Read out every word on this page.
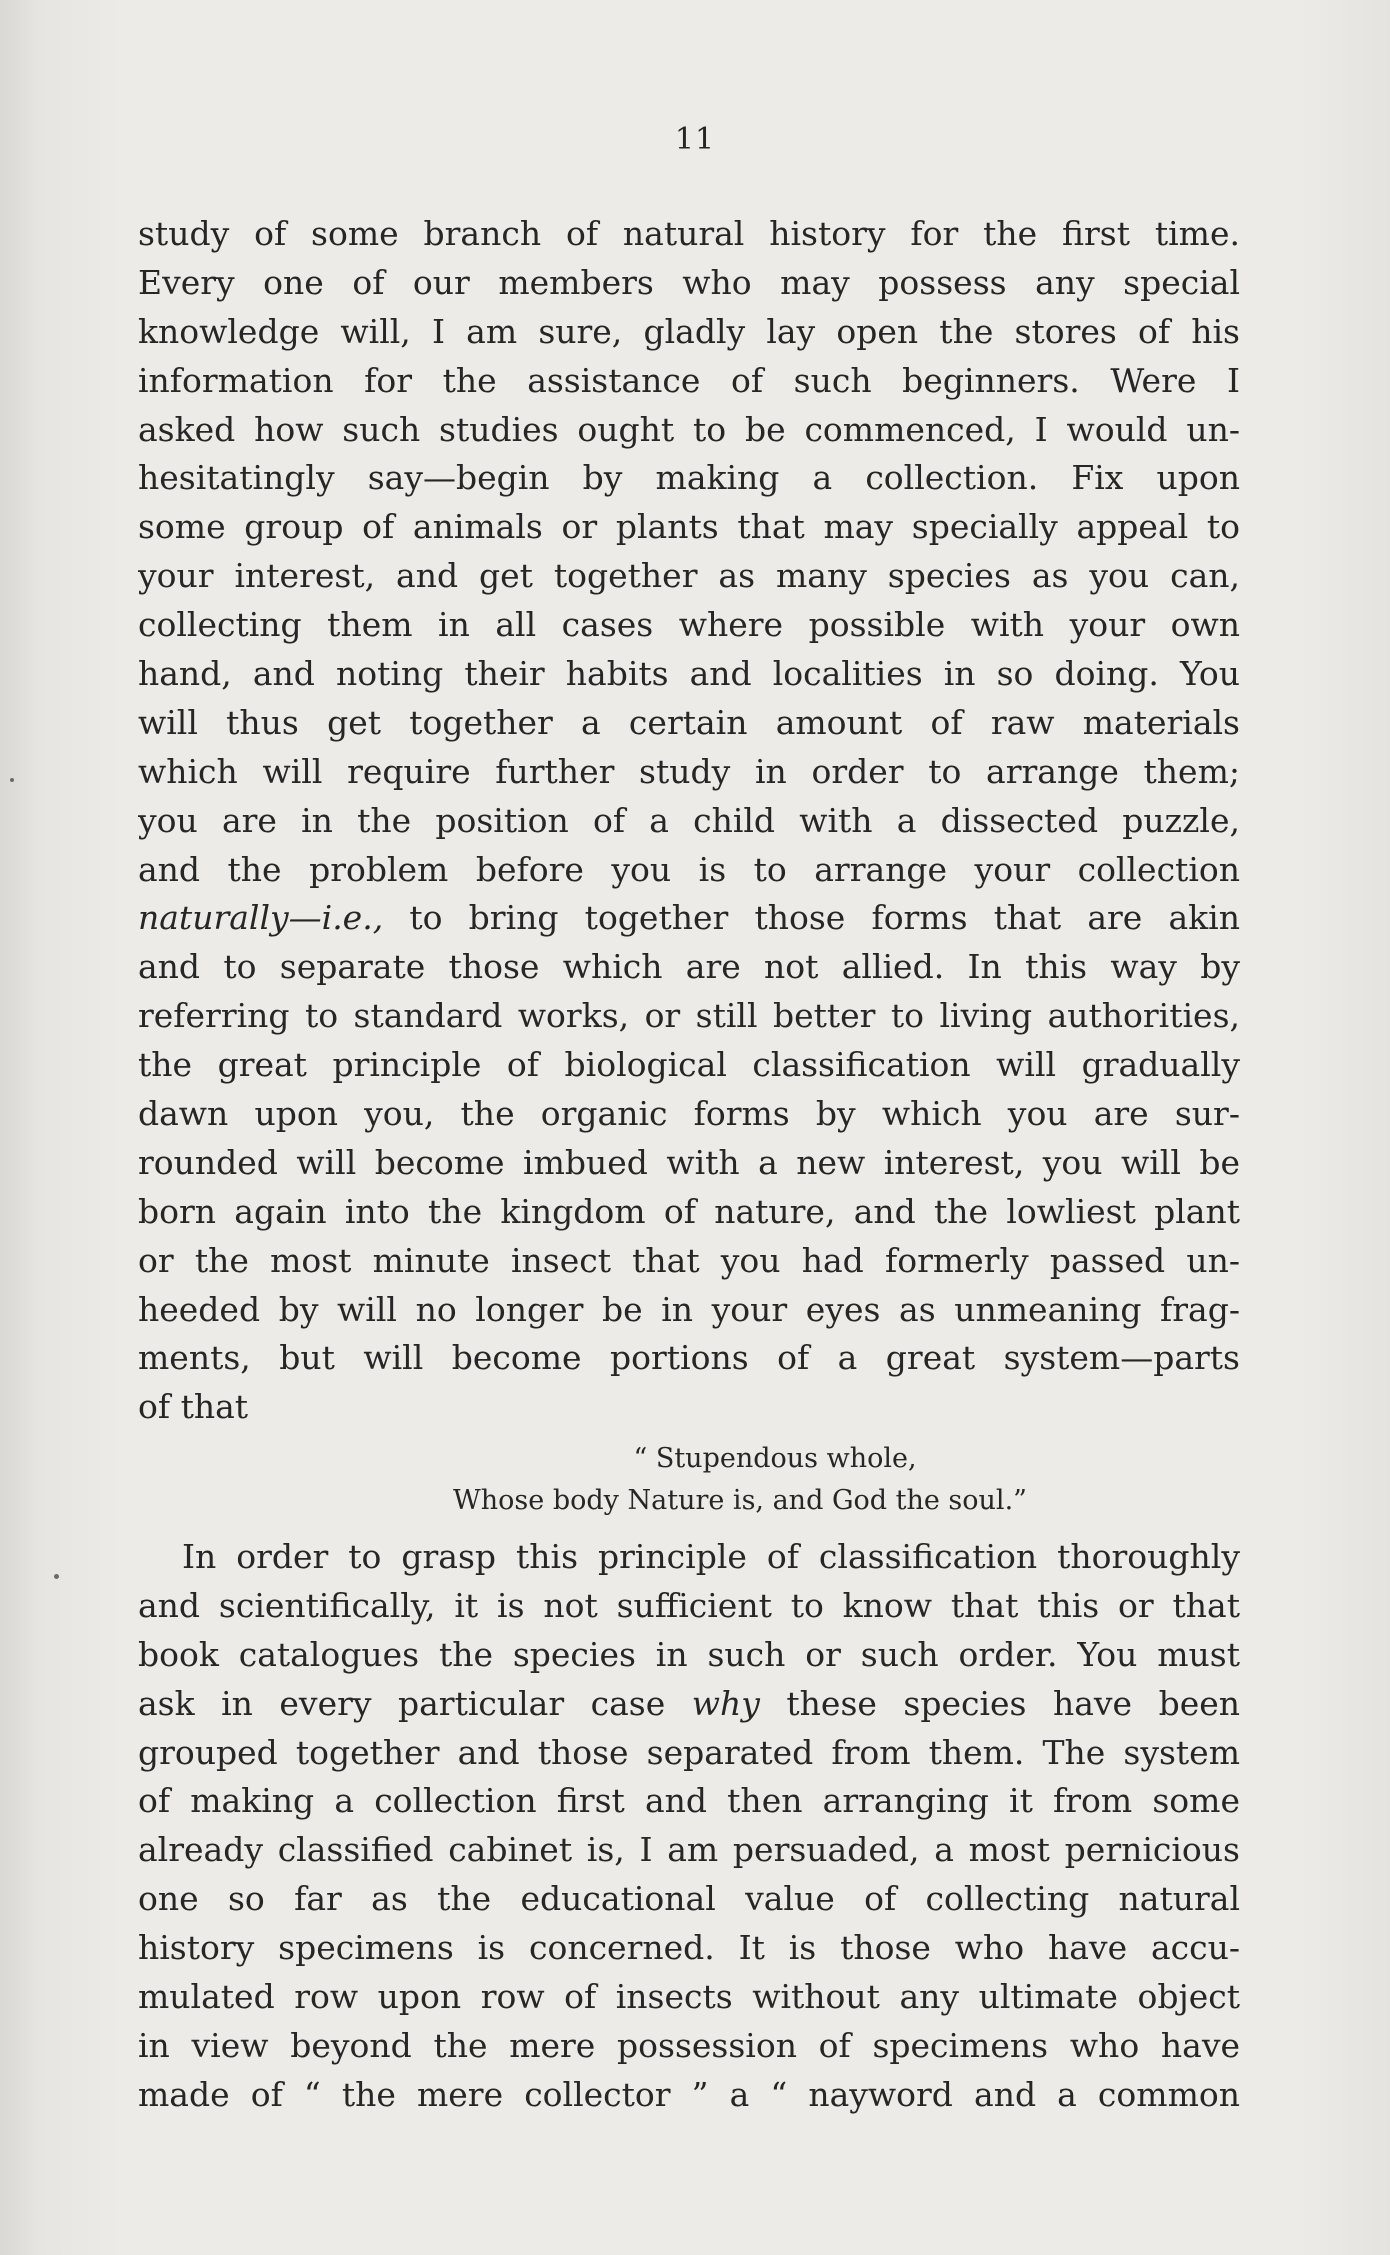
11
study of some branch of natural history for the first time.
Every one of our members who may possess any special
knowledge will, I am sure, gladly lay open the stores of his
information for the assistance of such beginners. Were I
asked how such studies ought to be commenced, I would un-
hesitatingly say—begin by making a collection. Fix upon
some group of animals or plants that may specially appeal to
your interest, and get together as many species as you can,
collecting them in all cases where possible with your own
hand, and noting their habits and localities in so doing. You
will thus get together a certain amount of raw materials
which will require further study in order to arrange them;
you are in the position of a child with a dissected puzzle,
and the problem before you is to arrange your collection
naturally—i.e., to bring together those forms that are akin
and to separate those which are not allied. In this way by
referring to standard works, or still better to living authorities,
the great principle of biological classification will gradually
dawn upon you, the organic forms by which you are sur-
rounded will become imbued with a new interest, you will be
born again into the kingdom of nature, and the lowliest plant
or the most minute insect that you had formerly passed un-
heeded by will no longer be in your eyes as unmeaning frag-
ments, but will become portions of a great system—parts
of that
“ Stupendous whole,
Whose body Nature is, and God the soul.”
In order to grasp this principle of classification thoroughly
and scientifically, it is not sufficient to know that this or that
book catalogues the species in such or such order. You must
ask in every particular case why these species have been
grouped together and those separated from them. The system
of making a collection first and then arranging it from some
already classified cabinet is, I am persuaded, a most pernicious
one so far as the educational value of collecting natural
history specimens is concerned. It is those who have accu-
mulated row upon row of insects without any ultimate object
in view beyond the mere possession of specimens who have
made of “ the mere collector ” a “ nayword and a common
